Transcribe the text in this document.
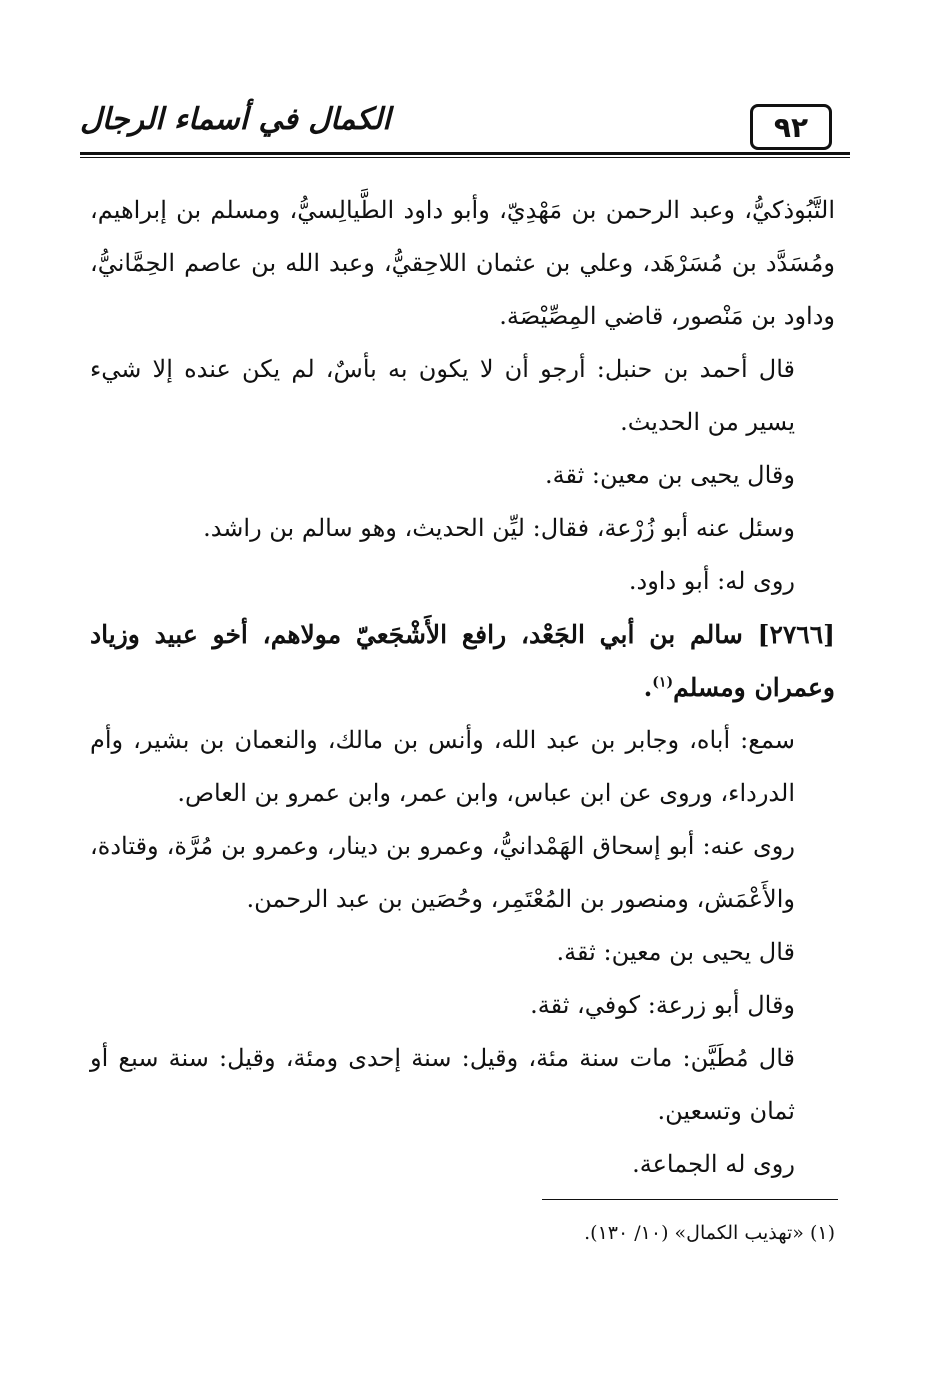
الكمال في أسماء الرجال	٩٢

التَّبُوذكيُّ، وعبد الرحمن بن مَهْدِيّ، وأبو داود الطَّيالِسيُّ، ومسلم بن إبراهيم، ومُسَدَّد بن مُسَرْهَد، وعلي بن عثمان اللاحِقيُّ، وعبد الله بن عاصم الحِمَّانيُّ، وداود بن مَنْصور، قاضي المِصِّيْصَة.

قال أحمد بن حنبل: أرجو أن لا يكون به بأسٌ، لم يكن عنده إلا شيء يسير من الحديث.

وقال يحيى بن معين: ثقة.

وسئل عنه أبو زُرْعة، فقال: ليِّن الحديث، وهو سالم بن راشد.

روى له: أبو داود.

[٢٧٦٦] سالم بن أبي الجَعْد، رافع الأَشْجَعيّ مولاهم، أخو عبيد وزياد وعمران ومسلم$^{(١)}$.

سمع: أباه، وجابر بن عبد الله، وأنس بن مالك، والنعمان بن بشير، وأم الدرداء، وروى عن ابن عباس، وابن عمر، وابن عمرو بن العاص.

روى عنه: أبو إسحاق الهَمْدانيُّ، وعمرو بن دينار، وعمرو بن مُرَّة، وقتادة، والأَعْمَش، ومنصور بن المُعْتَمِر، وحُصَين بن عبد الرحمن.

قال يحيى بن معين: ثقة.

وقال أبو زرعة: كوفي، ثقة.

قال مُطَيَّن: مات سنة مئة، وقيل: سنة إحدى ومئة، وقيل: سنة سبع أو ثمان وتسعين.

روى له الجماعة.

(١) «تهذيب الكمال» (١٠/ ١٣٠).
